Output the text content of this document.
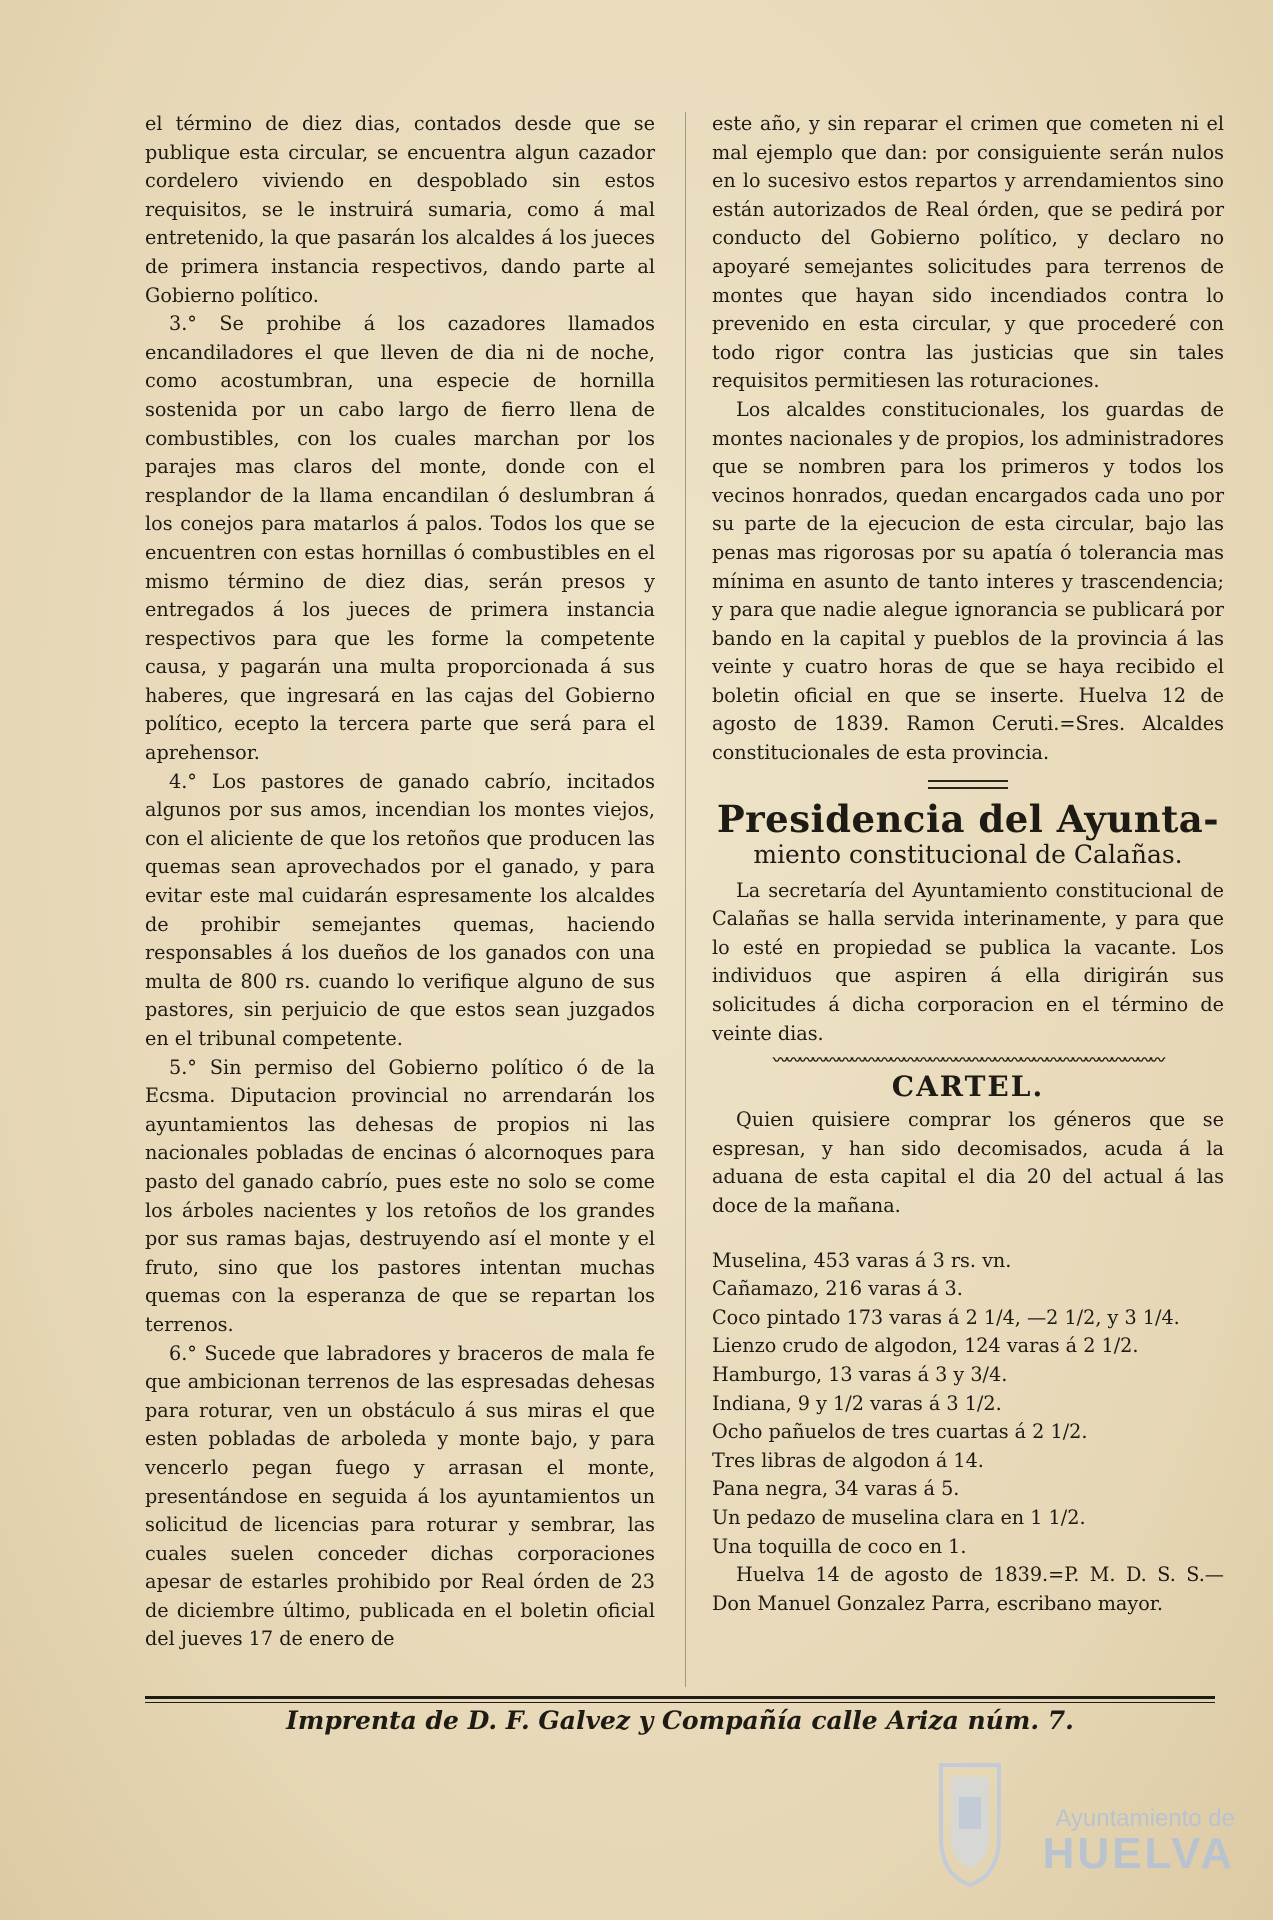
el término de diez dias, contados desde que se publique esta circular, se encuentra algun cazador cordelero viviendo en despoblado sin estos requisitos, se le instruirá sumaria, como á mal entretenido, la que pasarán los alcaldes á los jueces de primera instancia respectivos, dando parte al Gobierno político.

3.° Se prohibe á los cazadores llamados encandiladores el que lleven de dia ni de noche, como acostumbran, una especie de hornilla sostenida por un cabo largo de fierro llena de combustibles, con los cuales marchan por los parajes mas claros del monte, donde con el resplandor de la llama encandilan ó deslumbran á los conejos para matarlos á palos. Todos los que se encuentren con estas hornillas ó combustibles en el mismo término de diez dias, serán presos y entregados á los jueces de primera instancia respectivos para que les forme la competente causa, y pagarán una multa proporcionada á sus haberes, que ingresará en las cajas del Gobierno político, ecepto la tercera parte que será para el aprehensor.

4.° Los pastores de ganado cabrío, incitados algunos por sus amos, incendian los montes viejos, con el aliciente de que los retoños que producen las quemas sean aprovechados por el ganado, y para evitar este mal cuidarán espresamente los alcaldes de prohibir semejantes quemas, haciendo responsables á los dueños de los ganados con una multa de 800 rs. cuando lo verifique alguno de sus pastores, sin perjuicio de que estos sean juzgados en el tribunal competente.

5.° Sin permiso del Gobierno político ó de la Ecsma. Diputacion provincial no arrendarán los ayuntamientos las dehesas de propios ni las nacionales pobladas de encinas ó alcornoques para pasto del ganado cabrío, pues este no solo se come los árboles nacientes y los retoños de los grandes por sus ramas bajas, destruyendo así el monte y el fruto, sino que los pastores intentan muchas quemas con la esperanza de que se repartan los terrenos.

6.° Sucede que labradores y braceros de mala fe que ambicionan terrenos de las espresadas dehesas para roturar, ven un obstáculo á sus miras el que esten pobladas de arboleda y monte bajo, y para vencerlo pegan fuego y arrasan el monte, presentándose en seguida á los ayuntamientos un solicitud de licencias para roturar y sembrar, las cuales suelen conceder dichas corporaciones apesar de estarles prohibido por Real órden de 23 de diciembre último, publicada en el boletin oficial del jueves 17 de enero de

este año, y sin reparar el crimen que cometen ni el mal ejemplo que dan: por consiguiente serán nulos en lo sucesivo estos repartos y arrendamientos sino están autorizados de Real órden, que se pedirá por conducto del Gobierno político, y declaro no apoyaré semejantes solicitudes para terrenos de montes que hayan sido incendiados contra lo prevenido en esta circular, y que procederé con todo rigor contra las justicias que sin tales requisitos permitiesen las roturaciones.

Los alcaldes constitucionales, los guardas de montes nacionales y de propios, los administradores que se nombren para los primeros y todos los vecinos honrados, quedan encargados cada uno por su parte de la ejecucion de esta circular, bajo las penas mas rigorosas por su apatía ó tolerancia mas mínima en asunto de tanto interes y trascendencia; y para que nadie alegue ignorancia se publicará por bando en la capital y pueblos de la provincia á las veinte y cuatro horas de que se haya recibido el boletin oficial en que se inserte. Huelva 12 de agosto de 1839. Ramon Ceruti.=Sres. Alcaldes constitucionales de esta provincia.

Presidencia del Ayunta-
miento constitucional de Calañas.

La secretaría del Ayuntamiento constitucional de Calañas se halla servida interinamente, y para que lo esté en propiedad se publica la vacante. Los individuos que aspiren á ella dirigirán sus solicitudes á dicha corporacion en el término de veinte dias.

〰〰〰〰〰〰〰〰〰〰〰〰〰〰〰〰〰〰〰〰〰〰〰〰〰〰〰〰〰〰
CARTEL.

Quien quisiere comprar los géneros que se espresan, y han sido decomisados, acuda á la aduana de esta capital el dia 20 del actual á las doce de la mañana.

Muselina, 453 varas á 3 rs. vn.
Cañamazo, 216 varas á 3.
Coco pintado 173 varas á 2 1/4, —2 1/2, y 3 1/4.
Lienzo crudo de algodon, 124 varas á 2 1/2.
Hamburgo, 13 varas á 3 y 3/4.
Indiana, 9 y 1/2 varas á 3 1/2.
Ocho pañuelos de tres cuartas á 2 1/2.
Tres libras de algodon á 14.
Pana negra, 34 varas á 5.
Un pedazo de muselina clara en 1 1/2.
Una toquilla de coco en 1.

Huelva 14 de agosto de 1839.=P. M. D. S. S.—Don Manuel Gonzalez Parra, escribano mayor.

Imprenta de D. F. Galvez y Compañía calle Ariza núm. 7.
Ayuntamiento de
HUELVA
